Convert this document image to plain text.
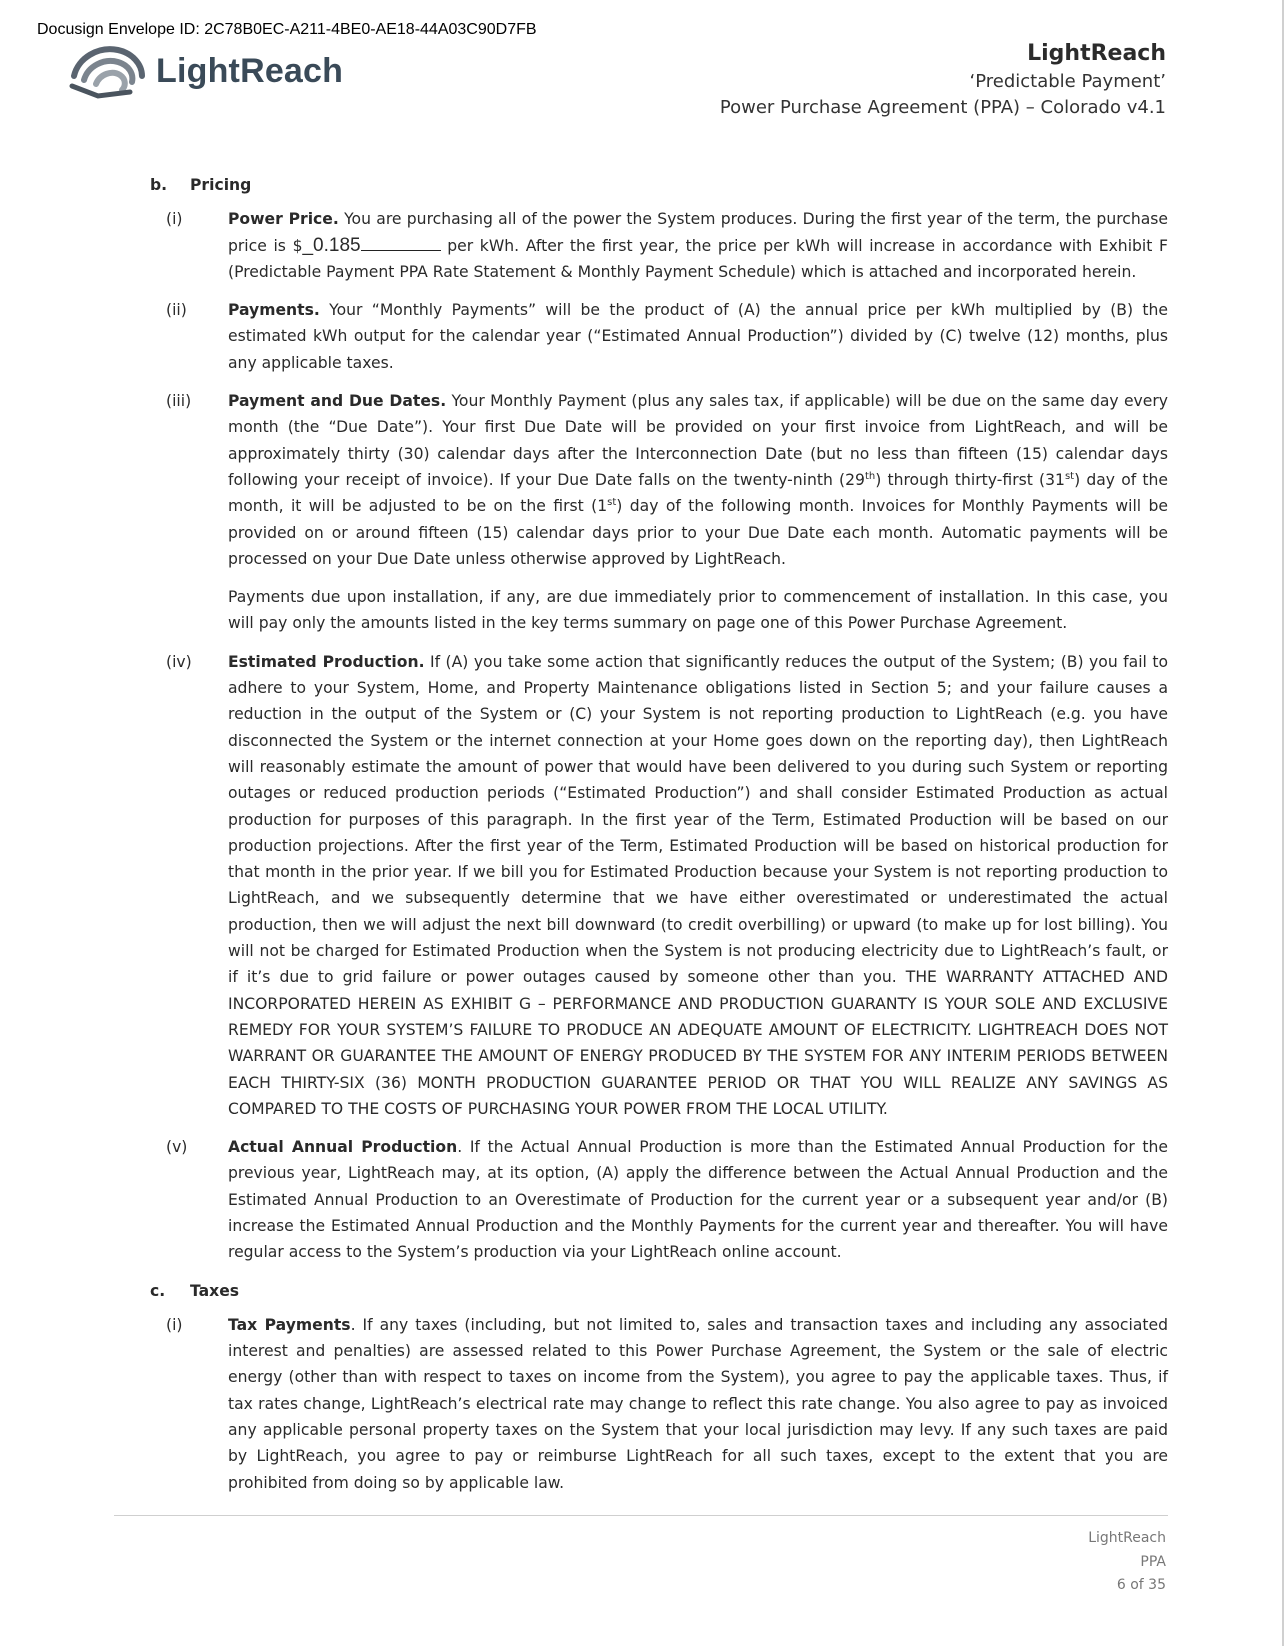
Docusign Envelope ID: 2C78B0EC-A211-4BE0-AE18-44A03C90D7FB
LightReach	LightReach
‘Predictable Payment’
Power Purchase Agreement (PPA) – Colorado v4.1
b.	Pricing
(i)	Power Price. You are purchasing all of the power the System produces. During the first year of the term, the purchase price is $_0.185	per kWh. After the first year, the price per kWh will increase in accordance with Exhibit F (Predictable Payment PPA Rate Statement & Monthly Payment Schedule) which is attached and incorporated herein.
(ii)	Payments. Your “Monthly Payments” will be the product of (A) the annual price per kWh multiplied by (B) the estimated kWh output for the calendar year (“Estimated Annual Production”) divided by (C) twelve (12) months, plus any applicable taxes.
(iii)	Payment and Due Dates. Your Monthly Payment (plus any sales tax, if applicable) will be due on the same day every month (the “Due Date”). Your first Due Date will be provided on your first invoice from LightReach, and will be approximately thirty (30) calendar days after the Interconnection Date (but no less than fifteen (15) calendar days following your receipt of invoice). If your Due Date falls on the twenty-ninth (29th) through thirty-first (31st) day of the month, it will be adjusted to be on the first (1st) day of the following month. Invoices for Monthly Payments will be provided on or around fifteen (15) calendar days prior to your Due Date each month. Automatic payments will be processed on your Due Date unless otherwise approved by LightReach.

Payments due upon installation, if any, are due immediately prior to commencement of installation. In this case, you will pay only the amounts listed in the key terms summary on page one of this Power Purchase Agreement.

(iv)	Estimated Production. If (A) you take some action that significantly reduces the output of the System; (B) you fail to adhere to your System, Home, and Property Maintenance obligations listed in Section 5; and your failure causes a reduction in the output of the System or (C) your System is not reporting production to LightReach (e.g. you have disconnected the System or the internet connection at your Home goes down on the reporting day), then LightReach will reasonably estimate the amount of power that would have been delivered to you during such System or reporting outages or reduced production periods (“Estimated Production”) and shall consider Estimated Production as actual production for purposes of this paragraph. In the first year of the Term, Estimated Production will be based on our production projections. After the first year of the Term, Estimated Production will be based on historical production for that month in the prior year. If we bill you for Estimated Production because your System is not reporting production to LightReach, and we subsequently determine that we have either overestimated or underestimated the actual production, then we will adjust the next bill downward (to credit overbilling) or upward (to make up for lost billing). You will not be charged for Estimated Production when the System is not producing electricity due to LightReach’s fault, or if it’s due to grid failure or power outages caused by someone other than you. THE WARRANTY ATTACHED AND INCORPORATED HEREIN AS EXHIBIT G – PERFORMANCE AND PRODUCTION GUARANTY IS YOUR SOLE AND EXCLUSIVE REMEDY FOR YOUR SYSTEM’S FAILURE TO PRODUCE AN ADEQUATE AMOUNT OF ELECTRICITY. LIGHTREACH DOES NOT WARRANT OR GUARANTEE THE AMOUNT OF ENERGY PRODUCED BY THE SYSTEM FOR ANY INTERIM PERIODS BETWEEN EACH THIRTY-SIX (36) MONTH PRODUCTION GUARANTEE PERIOD OR THAT YOU WILL REALIZE ANY SAVINGS AS COMPARED TO THE COSTS OF PURCHASING YOUR POWER FROM THE LOCAL UTILITY.
(v)	Actual Annual Production. If the Actual Annual Production is more than the Estimated Annual Production for the previous year, LightReach may, at its option, (A) apply the difference between the Actual Annual Production and the Estimated Annual Production to an Overestimate of Production for the current year or a subsequent year and/or (B) increase the Estimated Annual Production and the Monthly Payments for the current year and thereafter. You will have regular access to the System’s production via your LightReach online account.
c.	Taxes
(i)	Tax Payments. If any taxes (including, but not limited to, sales and transaction taxes and including any associated interest and penalties) are assessed related to this Power Purchase Agreement, the System or the sale of electric energy (other than with respect to taxes on income from the System), you agree to pay the applicable taxes. Thus, if tax rates change, LightReach’s electrical rate may change to reflect this rate change. You also agree to pay as invoiced any applicable personal property taxes on the System that your local jurisdiction may levy. If any such taxes are paid by LightReach, you agree to pay or reimburse LightReach for all such taxes, except to the extent that you are prohibited from doing so by applicable law.
LightReach
PPA
6 of 35
